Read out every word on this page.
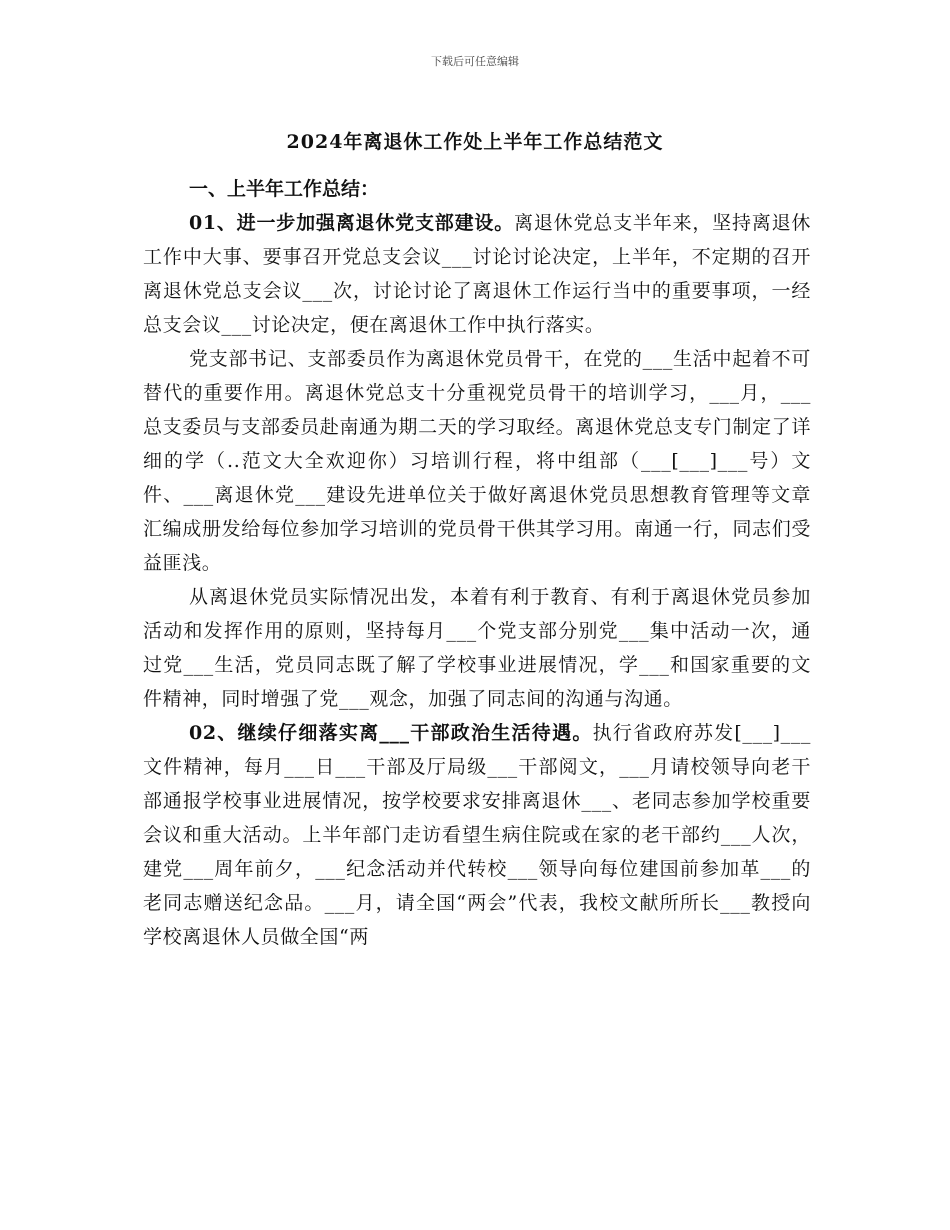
下载后可任意编辑
2024年离退休工作处上半年工作总结范文

一、上半年工作总结：

01、进一步加强离退休党支部建设。离退休党总支半年来，坚持离退休工作中大事、要事召开党总支会议___讨论讨论决定，上半年，不定期的召开离退休党总支会议___次，讨论讨论了离退休工作运行当中的重要事项，一经总支会议___讨论决定，便在离退休工作中执行落实。

党支部书记、支部委员作为离退休党员骨干，在党的___生活中起着不可替代的重要作用。离退休党总支十分重视党员骨干的培训学习，___月，___总支委员与支部委员赴南通为期二天的学习取经。离退休党总支专门制定了详细的学（..范文大全欢迎你）习培训行程，将中组部（___[___]___号）文件、___离退休党___建设先进单位关于做好离退休党员思想教育管理等文章汇编成册发给每位参加学习培训的党员骨干供其学习用。南通一行，同志们受益匪浅。

从离退休党员实际情况出发，本着有利于教育、有利于离退休党员参加活动和发挥作用的原则，坚持每月___个党支部分别党___集中活动一次，通过党___生活，党员同志既了解了学校事业进展情况，学___和国家重要的文件精神，同时增强了党___观念，加强了同志间的沟通与沟通。

02、继续仔细落实离___干部政治生活待遇。执行省政府苏发[___]___文件精神，每月___日___干部及厅局级___干部阅文，___月请校领导向老干部通报学校事业进展情况，按学校要求安排离退休___、老同志参加学校重要会议和重大活动。上半年部门走访看望生病住院或在家的老干部约___人次，建党___周年前夕，___纪念活动并代转校___领导向每位建国前参加革___的老同志赠送纪念品。___月，请全国“两会”代表，我校文献所所长___教授向学校离退休人员做全国“两
